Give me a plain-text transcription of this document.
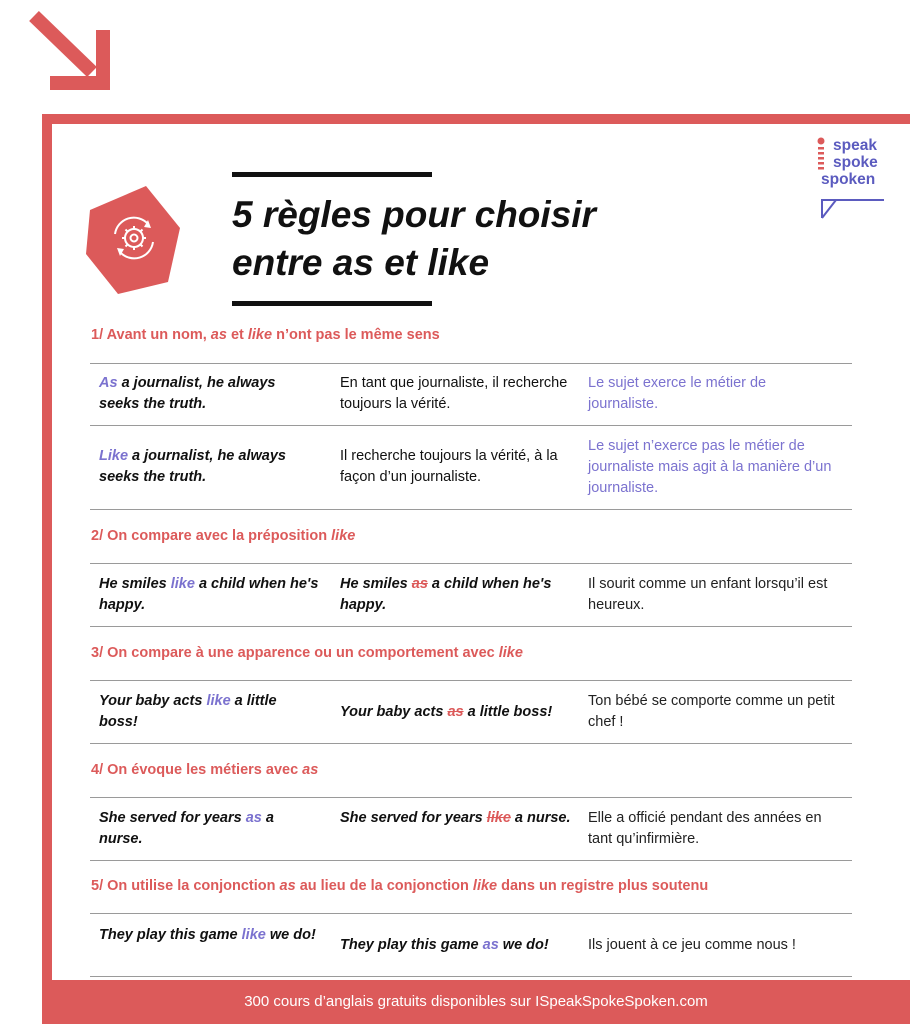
speak
spoke
spoken
5 règles pour choisir
entre as et like
1/ Avant un nom, as et like n’ont pas le même sens
As a journalist, he always seeks the truth.
En tant que journaliste, il recherche toujours la vérité.
Le sujet exerce le métier de journaliste.
Like a journalist, he always seeks the truth.
Il recherche toujours la vérité, à la façon d’un journaliste.
Le sujet n’exerce pas le métier de journaliste mais agit à la manière d’un journaliste.
2/ On compare avec la préposition like
He smiles like a child when he's happy.
He smiles as a child when he's happy.
Il sourit comme un enfant lorsqu’il est heureux.
3/ On compare à une apparence ou un comportement avec like
Your baby acts like a little boss!
Your baby acts as a little boss!
Ton bébé se comporte comme un petit chef !
4/ On évoque les métiers avec as
She served for years as a nurse.
She served for years like a nurse.	Elle a officié pendant des années en tant qu’infirmière.
5/ On utilise la conjonction as au lieu de la conjonction like dans un registre plus soutenu
They play this game like we do!
They play this game as we do!	Ils jouent à ce jeu comme nous !
300 cours d’anglais gratuits disponibles sur ISpeakSpokeSpoken.com
